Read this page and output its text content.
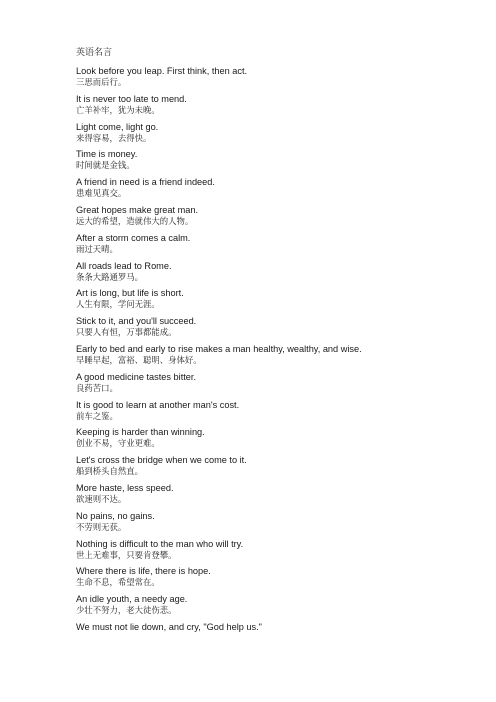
英语名言
Look before you leap. First think, then act.
三思而后行。
It is never too late to mend.
亡羊补牢，犹为未晚。
Light come, light go.
来得容易，去得快。
Time is money.
时间就是金钱。
A friend in need is a friend indeed.
患难见真交。
Great hopes make great man.
远大的希望，造就伟大的人物。
After a storm comes a calm.
雨过天晴。
All roads lead to Rome.
条条大路通罗马。
Art is long, but life is short.
人生有限，学问无涯。
Stick to it, and you'll succeed.
只要人有恒，万事都能成。
Early to bed and early to rise makes a man healthy, wealthy, and wise.
早睡早起，富裕、聪明、身体好。
A good medicine tastes bitter.
良药苦口。
It is good to learn at another man's cost.
前车之鉴。
Keeping is harder than winning.
创业不易，守业更难。
Let's cross the bridge when we come to it.
船到桥头自然直。
More haste, less speed.
欲速则不达。
No pains, no gains.
不劳则无获。
Nothing is difficult to the man who will try.
世上无难事，只要肯登攀。
Where there is life, there is hope.
生命不息，希望常在。
An idle youth, a needy age.
少壮不努力，老大徒伤悲。
We must not lie down, and cry, "God help us."
